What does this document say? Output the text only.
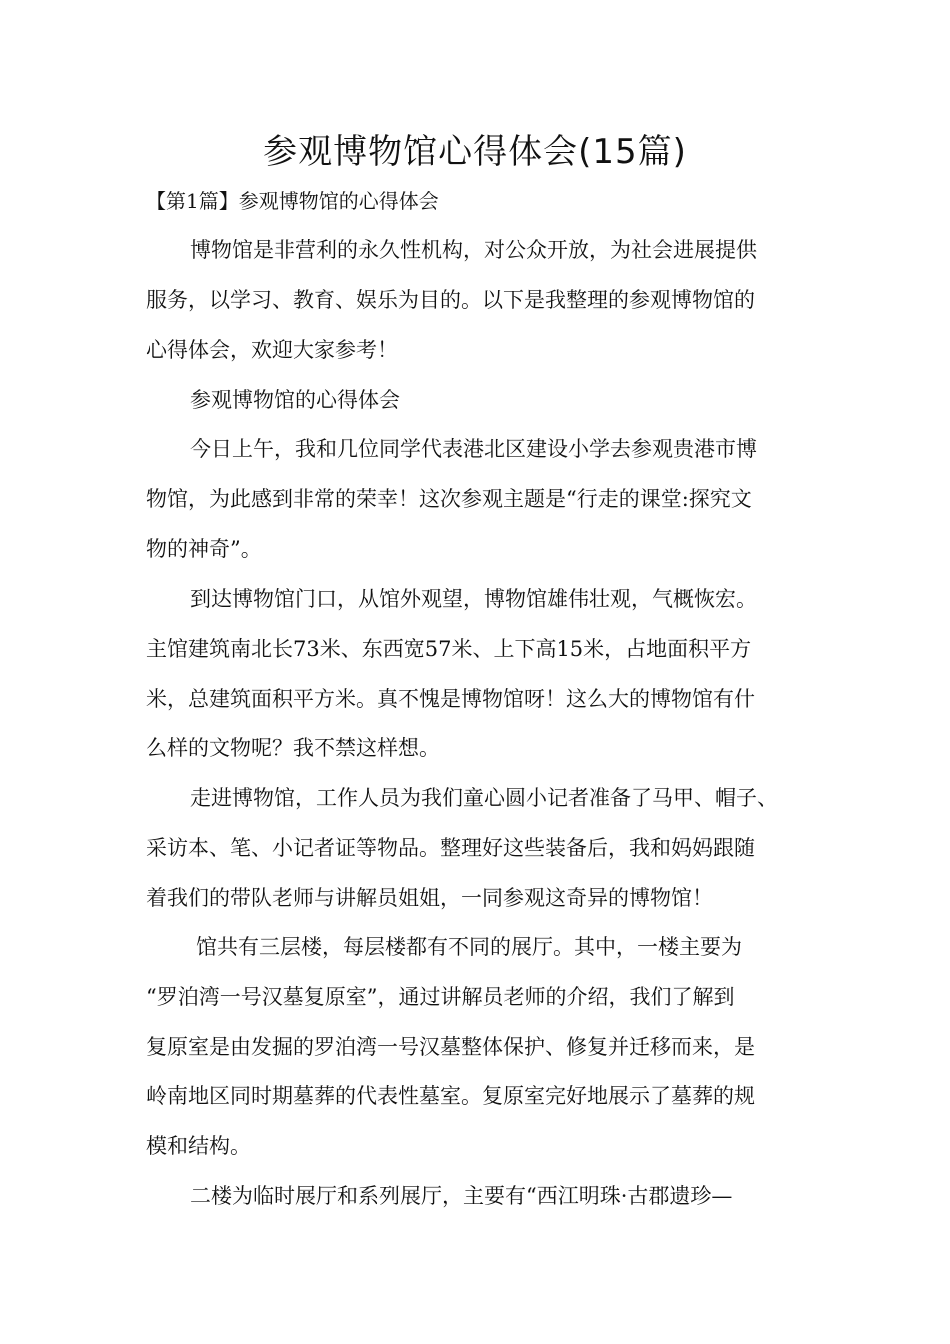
参观博物馆心得体会(15篇)
【第1篇】参观博物馆的心得体会

博物馆是非营利的永久性机构，对公众开放，为社会进展提供

服务，以学习、教育、娱乐为目的。以下是我整理的参观博物馆的

心得体会，欢迎大家参考！

参观博物馆的心得体会

今日上午，我和几位同学代表港北区建设小学去参观贵港市博

物馆，为此感到非常的荣幸！这次参观主题是“行走的课堂:探究文

物的神奇”。

到达博物馆门口，从馆外观望，博物馆雄伟壮观，气概恢宏。

主馆建筑南北长73米、东西宽57米、上下高15米，占地面积平方

米，总建筑面积平方米。真不愧是博物馆呀！这么大的博物馆有什

么样的文物呢？我不禁这样想。

走进博物馆，工作人员为我们童心圆小记者准备了马甲、帽子、

采访本、笔、小记者证等物品。整理好这些装备后，我和妈妈跟随

着我们的带队老师与讲解员姐姐，一同参观这奇异的博物馆！

馆共有三层楼，每层楼都有不同的展厅。其中，一楼主要为

“罗泊湾一号汉墓复原室”，通过讲解员老师的介绍，我们了解到

复原室是由发掘的罗泊湾一号汉墓整体保护、修复并迁移而来，是

岭南地区同时期墓葬的代表性墓室。复原室完好地展示了墓葬的规

模和结构。

二楼为临时展厅和系列展厅，主要有“西江明珠·古郡遗珍—
